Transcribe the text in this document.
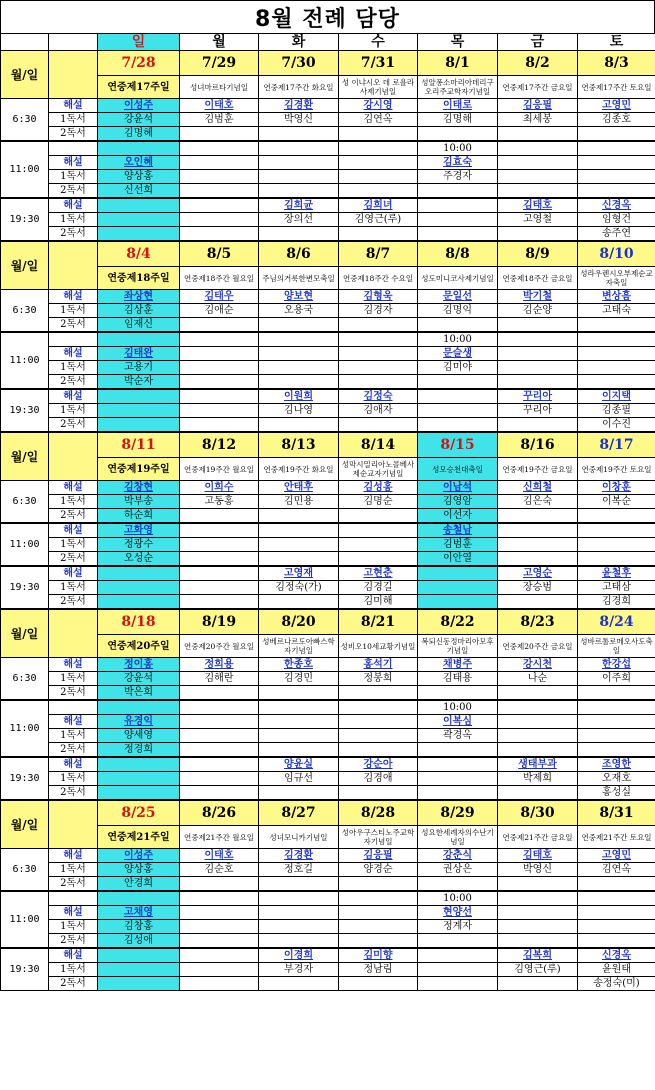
8월 전례 담당
		일	월	화	수	목	금	토
월/일		7/28	7/29	7/30	7/31	8/1	8/2	8/3
		연중제17주일	성녀마르타기념일	연중제17주간 화요일	성 이냐시오 데 로욜라사제기념일	성알퐁소마리아데리구오리주교학자기념일	연중제17주간 금요일	연중제17주간 토요일
6:30	해설	이성주	이태호	김경환	강시영	이태로	김응필	고영민
	1독서	강윤석	김범훈	박영신	김연옥	김명해	최세봉	김종호
	2독서	김명혜						
11:00						10:00		
	해설	오인혜				김효숙		
	1독서	양상홍				주경자		
	2독서	신선희						
19:30	해설			김희균	김희녀		김태호	신경옥
	1독서			장의선	김영근(루)		고영철	임형건
	2독서							송주연
월/일		8/4	8/5	8/6	8/7	8/8	8/9	8/10
		연중제18주일	연중제18주간 월요일	주님의거룩한변모축일	연중제18주간 수요일	성도미니코사제기념일	연중제18주간 금요일	성라우렌시오부제순교자축일
6:30	해설	좌상현	김태우	양보현	김형욱	문일선	박기철	변상흠
	1독서	김상훈	김애순	오용국	김경자	김명익	김순양	고태숙
	2독서	임재신						
11:00						10:00		
	해설	김태완				문슬생		
	1독서	고용기				김미야		
	2독서	박순자						
19:30	해설			이원희	김정숙		꾸리아	이지택
	1독서			김나영	김애자		꾸리아	김종필
	2독서							이수진
월/일		8/11	8/12	8/13	8/14	8/15	8/16	8/17
		연중제19주일	연중제19주간 월요일	연중제19주간 화요일	성막시밀리아노콜베사제순교자기념일	성모승천대축일	연중제19주간 금요일	연중제19주간 토요일
6:30	해설	김창현	이희수	안태후	김성홍	이남석	신희철	이창훈
	1독서	박부송	고동홍	김민용	김명순	김영암	김은숙	이복순
	2독서	하순희				이선자		
11:00	해설	고화영				송철남		
	1독서	정광수				김범훈		
	2독서	오성순				이안열		
19:30	해설			고영재	고현춘		고영순	윤철후
	1독서			김정숙(가)	김경길		장승범	고태삼
	2독서				김미해			김경희
월/일		8/18	8/19	8/20	8/21	8/22	8/23	8/24
		연중제20주일	연중제20주간 월요일	성베르나르도아빠스학자기념일	성비오10세교황기념일	복되신동정마리아모후기념일	연중제20주간 금요일	성바르톨로메오사도축일
6:30	해설	정이홍	정희용	한종호	홍석기	채병주	강시천	한강섭
	1독서	강윤석	김해란	김경민	정봉희	김태용	나순	이주희
	2독서	박은희						
11:00						10:00		
	해설	유경익				이복심		
	1독서	양세영				곽경옥		
	2독서	정경희						
19:30	해설			양윤실	강순아		생태부과	조영한
	1독서			임규선	김경애		박제희	오재호
	2독서							홍성실
월/일		8/25	8/26	8/27	8/28	8/29	8/30	8/31
		연중제21주일	연중제21주간 월요일	성녀모니카기념일	성아우구스티노주교학자기념일	성요한세례자의수난기념일	연중제21주간 금요일	연중제21주간 토요일
6:30	해설	이성주	이태호	김경환	김응필	강춘식	김태호	고영민
	1독서	양상홍	김순호	정호길	양경순	권상은	박영신	김연옥
	2독서	안경희						
11:00						10:00		
	해설	고채영				현양선		
	1독서	김창홍				정계자		
	2독서	김성애						
19:30	해설			이경희	김미향		김복희	신경옥
	1독서			부경자	정남림		김영근(루)	윤원태
	2독서							송정숙(미)
